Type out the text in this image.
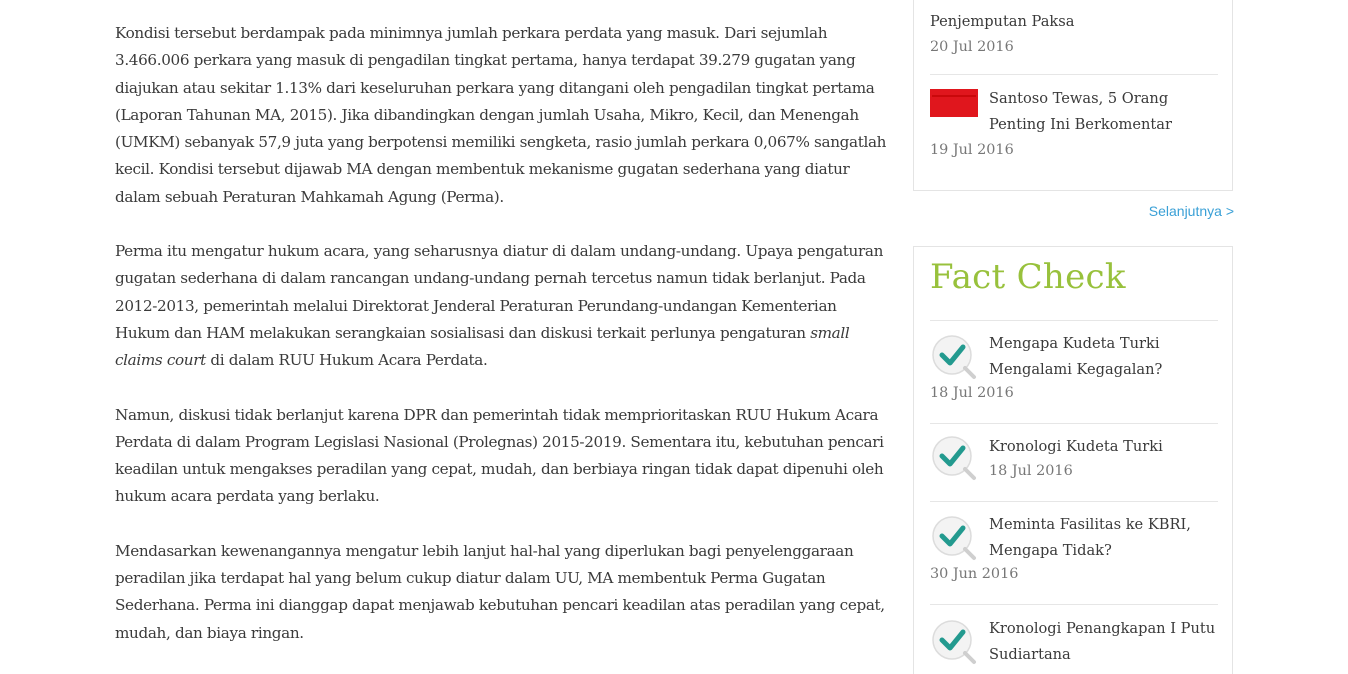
Kondisi tersebut berdampak pada minimnya jumlah perkara perdata yang masuk. Dari sejumlah 3.466.006 perkara yang masuk di pengadilan tingkat pertama, hanya terdapat 39.279 gugatan yang diajukan atau sekitar 1.13% dari keseluruhan perkara yang ditangani oleh pengadilan tingkat pertama (Laporan Tahunan MA, 2015). Jika dibandingkan dengan jumlah Usaha, Mikro, Kecil, dan Menengah (UMKM) sebanyak 57,9 juta yang berpotensi memiliki sengketa, rasio jumlah perkara 0,067% sangatlah kecil. Kondisi tersebut dijawab MA dengan membentuk mekanisme gugatan sederhana yang diatur dalam sebuah Peraturan Mahkamah Agung (Perma).

Perma itu mengatur hukum acara, yang seharusnya diatur di dalam undang-undang. Upaya pengaturan gugatan sederhana di dalam rancangan undang-undang pernah tercetus namun tidak berlanjut. Pada 2012-2013, pemerintah melalui Direktorat Jenderal Peraturan Perundang-undangan Kementerian Hukum dan HAM melakukan serangkaian sosialisasi dan diskusi terkait perlunya pengaturan small claims court di dalam RUU Hukum Acara Perdata.

Namun, diskusi tidak berlanjut karena DPR dan pemerintah tidak memprioritaskan RUU Hukum Acara Perdata di dalam Program Legislasi Nasional (Prolegnas) 2015-2019. Sementara itu, kebutuhan pencari keadilan untuk mengakses peradilan yang cepat, mudah, dan berbiaya ringan tidak dapat dipenuhi oleh hukum acara perdata yang berlaku.

Mendasarkan kewenangannya mengatur lebih lanjut hal-hal yang diperlukan bagi penyelenggaraan peradilan jika terdapat hal yang belum cukup diatur dalam UU, MA membentuk Perma Gugatan Sederhana. Perma ini dianggap dapat menjawab kebutuhan pencari keadilan atas peradilan yang cepat, mudah, dan biaya ringan.

Penjemputan Paksa
20 Jul 2016
Santoso Tewas, 5 Orang Penting Ini Berkomentar
19 Jul 2016
Selanjutnya >
Fact Check
Mengapa Kudeta Turki Mengalami Kegagalan?
18 Jul 2016
Kronologi Kudeta Turki
18 Jul 2016
Meminta Fasilitas ke KBRI, Mengapa Tidak?
30 Jun 2016
Kronologi Penangkapan I Putu Sudiartana
